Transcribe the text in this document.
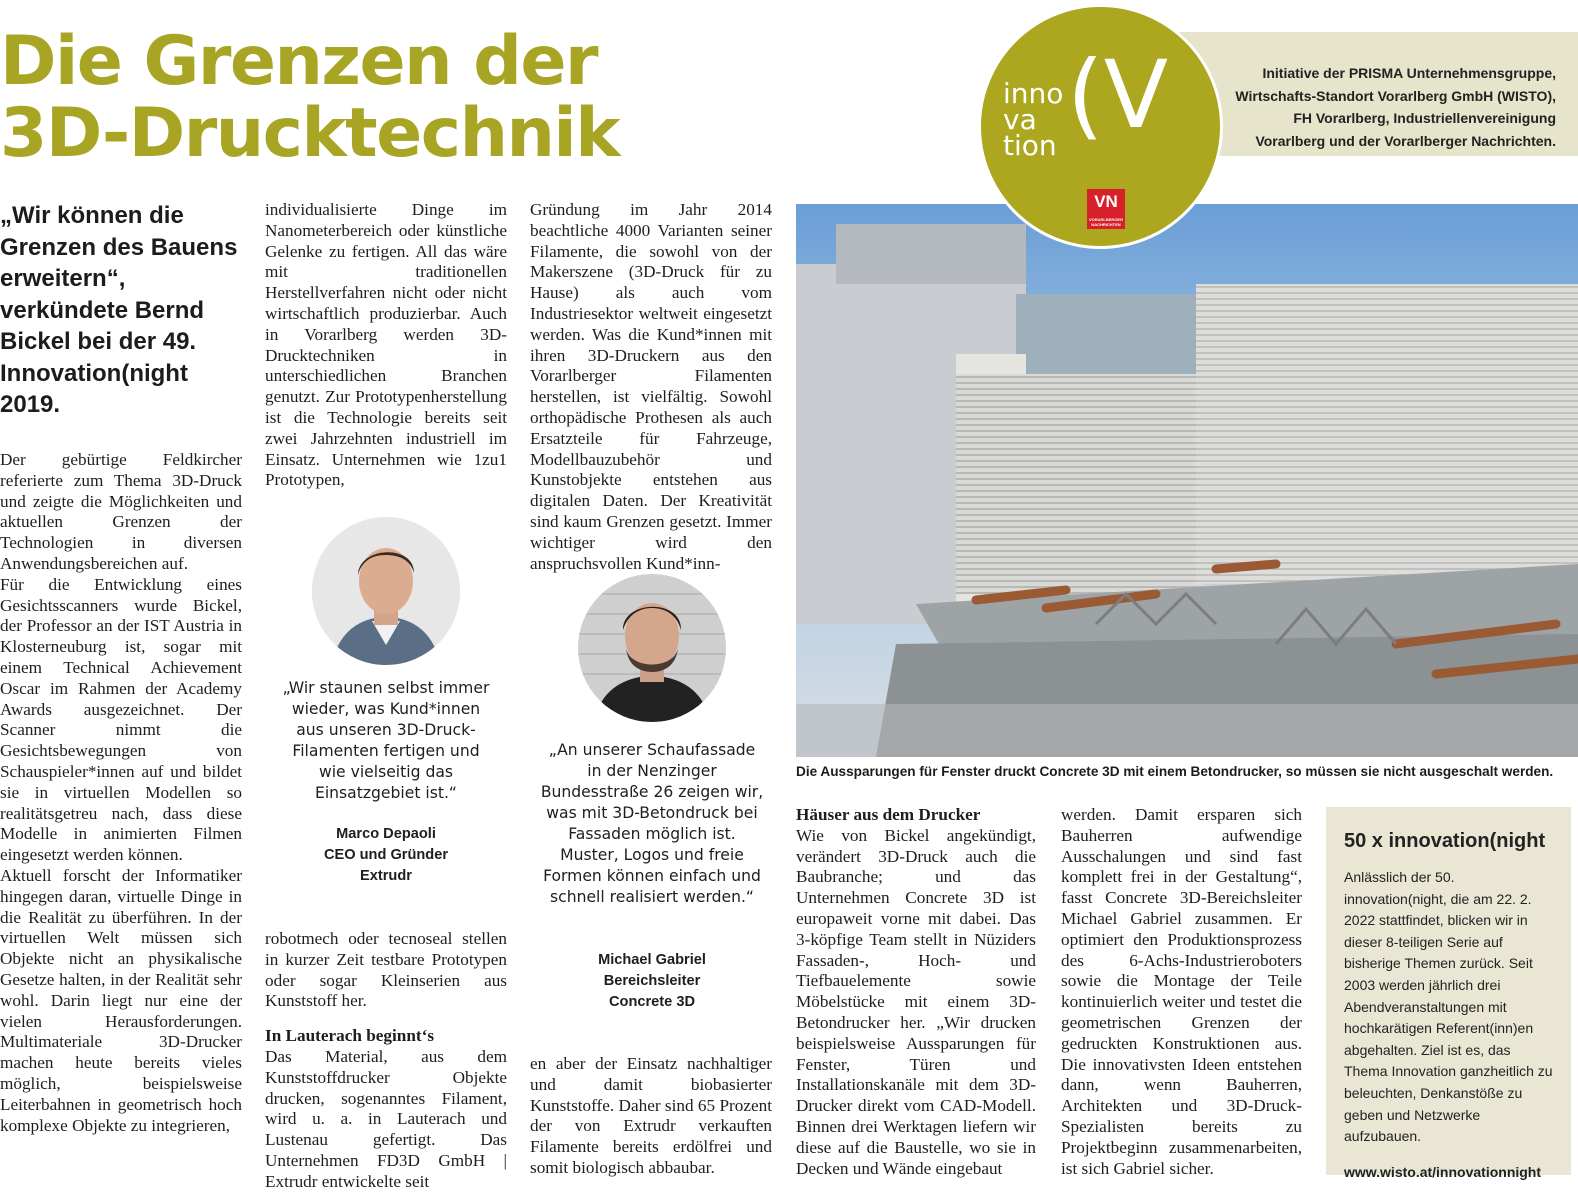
Die Grenzen der
3D-Drucktechnik
„Wir können die Grenzen des Bauens erweitern“, verkündete Bernd Bickel bei der 49. Innovation(night 2019.

Der gebürtige Feldkircher referierte zum Thema 3D-Druck und zeigte die Möglichkeiten und aktuellen Grenzen der Technologien in diversen Anwendungsbereichen auf.

Für die Entwicklung eines Gesichtsscanners wurde Bickel, der Professor an der IST Austria in Klosterneuburg ist, sogar mit einem Technical Achievement Oscar im Rahmen der Academy Awards ausgezeichnet. Der Scanner nimmt die Gesichtsbewegungen von Schauspieler*innen auf und bildet sie in virtuellen Modellen so realitätsgetreu nach, dass diese Modelle in animierten Filmen eingesetzt werden können.

Aktuell forscht der Informatiker hingegen daran, virtuelle Dinge in die Realität zu überführen. In der virtuellen Welt müssen sich Objekte nicht an physikalische Gesetze halten, in der Realität sehr wohl. Darin liegt nur eine der vielen Herausforderungen. Multimateriale 3D-Drucker machen heute bereits vieles möglich, beispielsweise Leiterbahnen in geometrisch hoch komplexe Objekte zu integrieren,

individualisierte Dinge im Nanometerbereich oder künstliche Gelenke zu fertigen. All das wäre mit traditionellen Herstellverfahren nicht oder nicht wirtschaftlich produzierbar. Auch in Vorarlberg werden 3D-Drucktechniken in unterschiedlichen Branchen genutzt. Zur Prototypenherstellung ist die Technologie bereits seit zwei Jahrzehnten industriell im Einsatz. Unternehmen wie 1zu1 Prototypen,
„Wir staunen selbst immer wieder, was Kund*innen aus unseren 3D-Druck-Filamenten fertigen und wie vielseitig das Einsatzgebiet ist.“
Marco Depaoli
CEO und Gründer
Extrudr

robotmech oder tecnoseal stellen in kurzer Zeit testbare Prototypen oder sogar Kleinserien aus Kunststoff her.

In Lauterach beginnt‘s

Das Material, aus dem Kunststoffdrucker Objekte drucken, sogenanntes Filament, wird u. a. in Lauterach und Lustenau gefertigt. Das Unternehmen FD3D GmbH | Extrudr entwickelte seit

Gründung im Jahr 2014 beachtliche 4000 Varianten seiner Filamente, die sowohl von der Makerszene (3D-Druck für zu Hause) als auch vom Industriesektor weltweit eingesetzt werden. Was die Kund*innen mit ihren 3D-Druckern aus den Vorarlberger Filamenten herstellen, ist vielfältig. Sowohl orthopädische Prothesen als auch Ersatzteile für Fahrzeuge, Modellbauzubehör und Kunstobjekte entstehen aus digitalen Daten. Der Kreativität sind kaum Grenzen gesetzt. Immer wichtiger wird den anspruchsvollen Kund*inn-
„An unserer Schaufassade in der Nenzinger Bundesstraße 26 zeigen wir, was mit 3D-Betondruck bei Fassaden möglich ist. Muster, Logos und freie Formen können einfach und schnell realisiert werden.“
Michael Gabriel
Bereichsleiter
Concrete 3D
en aber der Einsatz nachhaltiger und damit biobasierter Kunststoffe. Daher sind 65 Prozent der von Extrudr verkauften Filamente bereits erdölfrei und somit biologisch abbaubar.
Die Aussparungen für Fenster druckt Concrete 3D mit einem Betondrucker, so müssen sie nicht ausgeschalt werden.
Initiative der PRISMA Unternehmensgruppe,
Wirtschafts-Standort Vorarlberg GmbH (WISTO),
FH Vorarlberg, Industriellenvereinigung
Vorarlberg und der Vorarlberger Nachrichten.
inno
va
tion (V
VN
VORARLBERGER NACHRICHTEN

Häuser aus dem Drucker

Wie von Bickel angekündigt, verändert 3D-Druck auch die Baubranche; und das Unternehmen Concrete 3D ist europaweit vorne mit dabei. Das 3-köpfige Team stellt in Nüziders Fassaden-, Hoch- und Tiefbauelemente sowie Möbelstücke mit einem 3D-Betondrucker her. „Wir drucken beispielsweise Aussparungen für Fenster, Türen und Installationskanäle mit dem 3D-Drucker direkt vom CAD-Modell. Binnen drei Werktagen liefern wir diese auf die Baustelle, wo sie in Decken und Wände eingebaut

werden. Damit ersparen sich Bauherren aufwendige Ausschalungen und sind fast komplett frei in der Gestaltung“, fasst Concrete 3D-Bereichsleiter Michael Gabriel zusammen. Er optimiert den Produktionsprozess des 6-Achs-Industrieroboters sowie die Montage der Teile kontinuierlich weiter und testet die geometrischen Grenzen der gedruckten Konstruktionen aus. Die innovativsten Ideen entstehen dann, wenn Bauherren, Architekten und 3D-Druck-Spezialisten bereits zu Projektbeginn zusammenarbeiten, ist sich Gabriel sicher.
50 x innovation(night
Anlässlich der 50. innovation(night, die am 22. 2. 2022 stattfindet, blicken wir in dieser 8-teiligen Serie auf bisherige Themen zurück. Seit 2003 werden jährlich drei Abendveranstaltungen mit hochkarätigen Referent(inn)en abgehalten. Ziel ist es, das Thema Innovation ganzheitlich zu beleuchten, Denkanstöße zu geben und Netzwerke aufzubauen.
www.wisto.at/innovationnight
